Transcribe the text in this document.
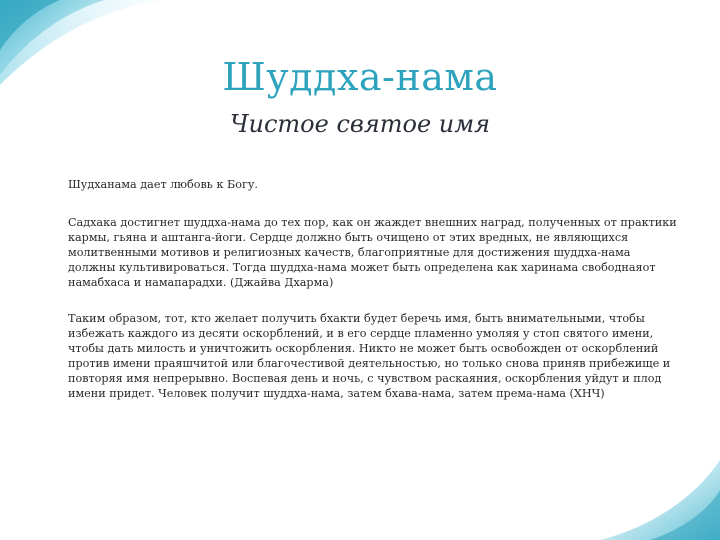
Шуддха-нама
Чистое святое имя

Шудханама дает любовь к Богу.

Садхака достигнет шуддха-нама до тех пор, как он жаждет внешних наград, полученных от практики кармы, гьяна и аштанга-йоги. Сердце должно быть очищено от этих вредных, не являющихся молитвенными мотивов и религиозных качеств, благоприятные для достижения шуддха-нама должны культивироваться. Тогда шуддха-нама может быть определена как харинама свободнаяот намабхаса и намапарадхи. (Джайва Дхарма)

Таким образом, тот, кто желает получить бхакти будет беречь имя, быть внимательными, чтобы избежать каждого из десяти оскорблений, и в его сердце пламенно умоляя у стоп святого имени, чтобы дать милость и уничтожить оскорбления. Никто не может быть освобожден от оскорблений против имени праяшчитой или благочестивой деятельностью, но только снова приняв прибежище и повторяя имя непрерывно. Воспевая день и ночь, с чувством раскаяния, оскорбления уйдут и плод имени придет. Человек получит шуддха-нама, затем бхава-нама, затем према-нама (ХНЧ)
